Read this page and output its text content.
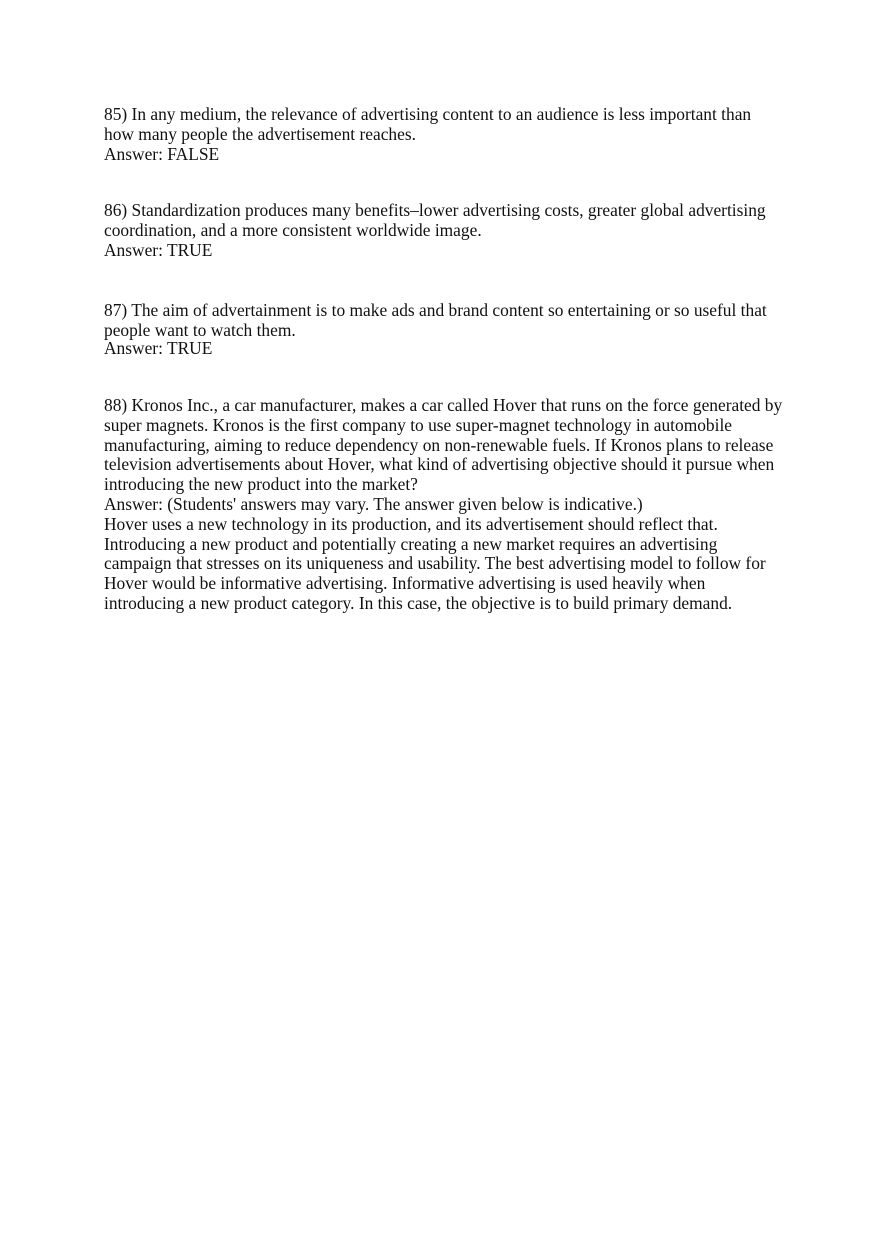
85) In any medium, the relevance of advertising content to an audience is less important than how many people the advertisement reaches.

Answer: FALSE

86) Standardization produces many benefits–lower advertising costs, greater global advertising coordination, and a more consistent worldwide image.

Answer: TRUE

87) The aim of advertainment is to make ads and brand content so entertaining or so useful that people want to watch them.

Answer: TRUE

88) Kronos Inc., a car manufacturer, makes a car called Hover that runs on the force generated by super magnets. Kronos is the first company to use super-magnet technology in automobile manufacturing, aiming to reduce dependency on non-renewable fuels. If Kronos plans to release television advertisements about Hover, what kind of advertising objective should it pursue when introducing the new product into the market?

Answer: (Students' answers may vary. The answer given below is indicative.)

Hover uses a new technology in its production, and its advertisement should reflect that. Introducing a new product and potentially creating a new market requires an advertising campaign that stresses on its uniqueness and usability. The best advertising model to follow for Hover would be informative advertising. Informative advertising is used heavily when introducing a new product category. In this case, the objective is to build primary demand.
